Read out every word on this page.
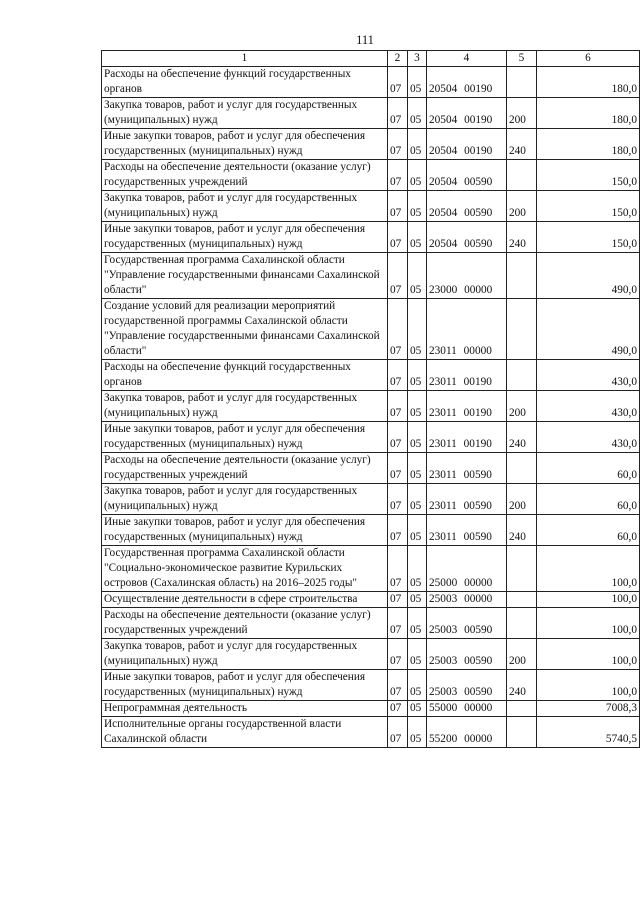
111
1	2	3	4	5	6
Расходы на обеспечение функций государственных органов	07	05	20504 00190		180,0
Закупка товаров, работ и услуг для государственных (муниципальных) нужд	07	05	20504 00190	200	180,0
Иные закупки товаров, работ и услуг для обеспечения государственных (муниципальных) нужд	07	05	20504 00190	240	180,0
Расходы на обеспечение деятельности (оказание услуг) государственных учреждений	07	05	20504 00590		150,0
Закупка товаров, работ и услуг для государственных (муниципальных) нужд	07	05	20504 00590	200	150,0
Иные закупки товаров, работ и услуг для обеспечения государственных (муниципальных) нужд	07	05	20504 00590	240	150,0
Государственная программа Сахалинской области "Управление государственными финансами Сахалинской области"	07	05	23000 00000		490,0
Создание условий для реализации мероприятий государственной программы Сахалинской области "Управление государственными финансами Сахалинской области"	07	05	23011 00000		490,0
Расходы на обеспечение функций государственных органов	07	05	23011 00190		430,0
Закупка товаров, работ и услуг для государственных (муниципальных) нужд	07	05	23011 00190	200	430,0
Иные закупки товаров, работ и услуг для обеспечения государственных (муниципальных) нужд	07	05	23011 00190	240	430,0
Расходы на обеспечение деятельности (оказание услуг) государственных учреждений	07	05	23011 00590		60,0
Закупка товаров, работ и услуг для государственных (муниципальных) нужд	07	05	23011 00590	200	60,0
Иные закупки товаров, работ и услуг для обеспечения государственных (муниципальных) нужд	07	05	23011 00590	240	60,0
Государственная программа Сахалинской области "Социально-экономическое развитие Курильских островов (Сахалинская область) на 2016–2025 годы"	07	05	25000 00000		100,0
Осуществление деятельности в сфере строительства	07	05	25003 00000		100,0
Расходы на обеспечение деятельности (оказание услуг) государственных учреждений	07	05	25003 00590		100,0
Закупка товаров, работ и услуг для государственных (муниципальных) нужд	07	05	25003 00590	200	100,0
Иные закупки товаров, работ и услуг для обеспечения государственных (муниципальных) нужд	07	05	25003 00590	240	100,0
Непрограммная деятельность	07	05	55000 00000		7008,3
Исполнительные органы государственной власти Сахалинской области	07	05	55200 00000		5740,5
